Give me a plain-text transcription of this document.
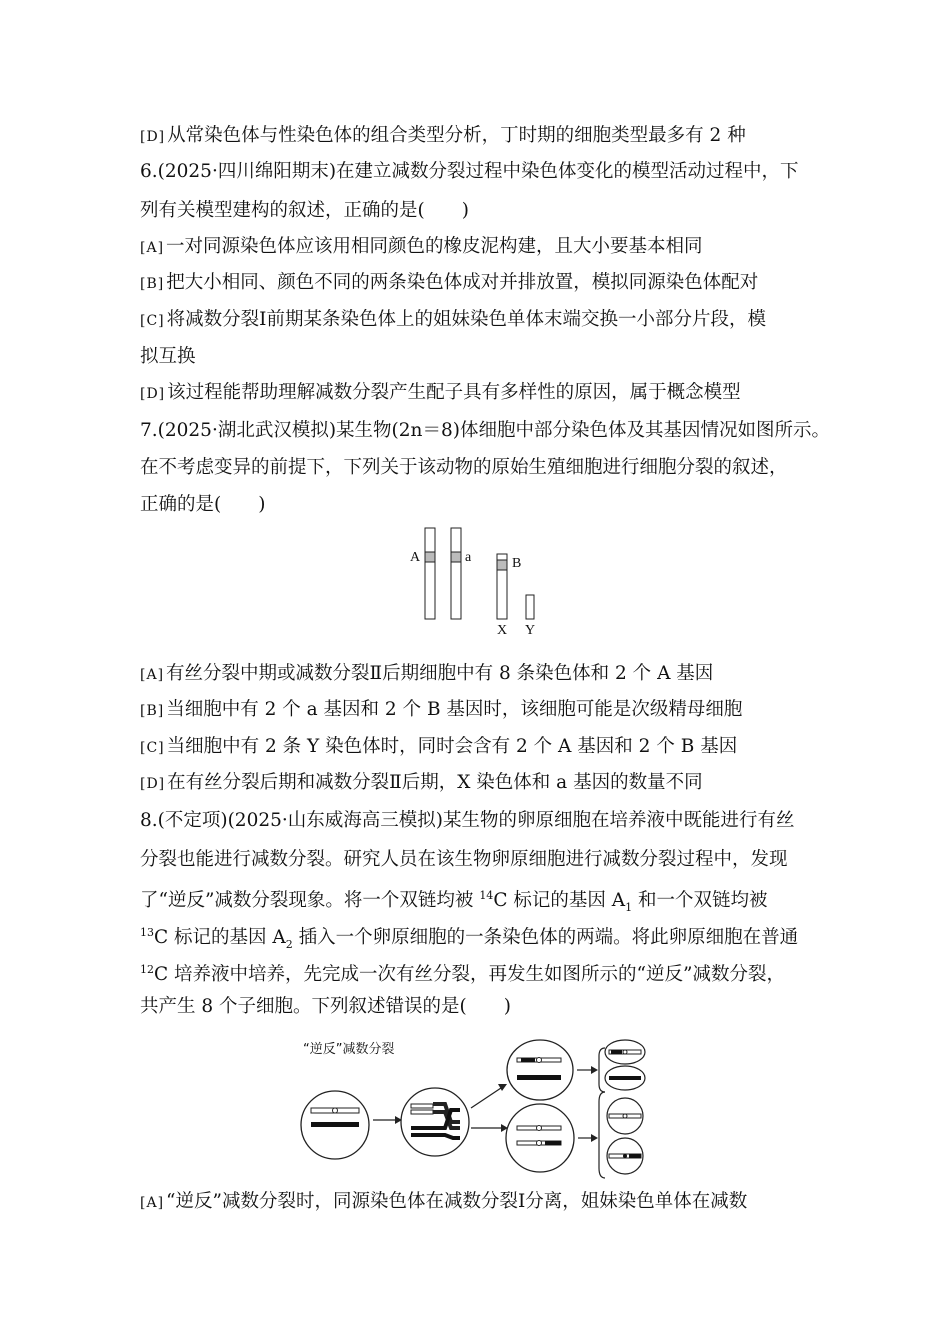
[D] 从常染色体与性染色体的组合类型分析，丁时期的细胞类型最多有 2 种
6.(2025·四川绵阳期末)在建立减数分裂过程中染色体变化的模型活动过程中，下
列有关模型建构的叙述，正确的是(　　)
[A] 一对同源染色体应该用相同颜色的橡皮泥构建，且大小要基本相同
[B] 把大小相同、颜色不同的两条染色体成对并排放置，模拟同源染色体配对
[C] 将减数分裂Ⅰ前期某条染色体上的姐妹染色单体末端交换一小部分片段，模
拟互换
[D] 该过程能帮助理解减数分裂产生配子具有多样性的原因，属于概念模型
7.(2025·湖北武汉模拟)某生物(2n＝8)体细胞中部分染色体及其基因情况如图所示。
在不考虑变异的前提下，下列关于该动物的原始生殖细胞进行细胞分裂的叙述，
正确的是(　　)
A	a	B
X Y
[A] 有丝分裂中期或减数分裂Ⅱ后期细胞中有 8 条染色体和 2 个 A 基因
[B] 当细胞中有 2 个 a 基因和 2 个 B 基因时，该细胞可能是次级精母细胞
[C] 当细胞中有 2 条 Y 染色体时，同时会含有 2 个 A 基因和 2 个 B 基因
[D] 在有丝分裂后期和减数分裂Ⅱ后期，X 染色体和 a 基因的数量不同
8.(不定项)(2025·山东威海高三模拟)某生物的卵原细胞在培养液中既能进行有丝
分裂也能进行减数分裂。研究人员在该生物卵原细胞进行减数分裂过程中，发现
了“逆反”减数分裂现象。将一个双链均被 $^{14}$C 标记的基因 $A_1$ 和一个双链均被
$^{13}$C 标记的基因 $A_2$ 插入一个卵原细胞的一条染色体的两端。将此卵原细胞在普通
$^{12}$C 培养液中培养，先完成一次有丝分裂，再发生如图所示的“逆反”减数分裂，
共产生 8 个子细胞。下列叙述错误的是(　　)
“逆反”减数分裂
[A] “逆反”减数分裂时，同源染色体在减数分裂Ⅰ分离，姐妹染色单体在减数
